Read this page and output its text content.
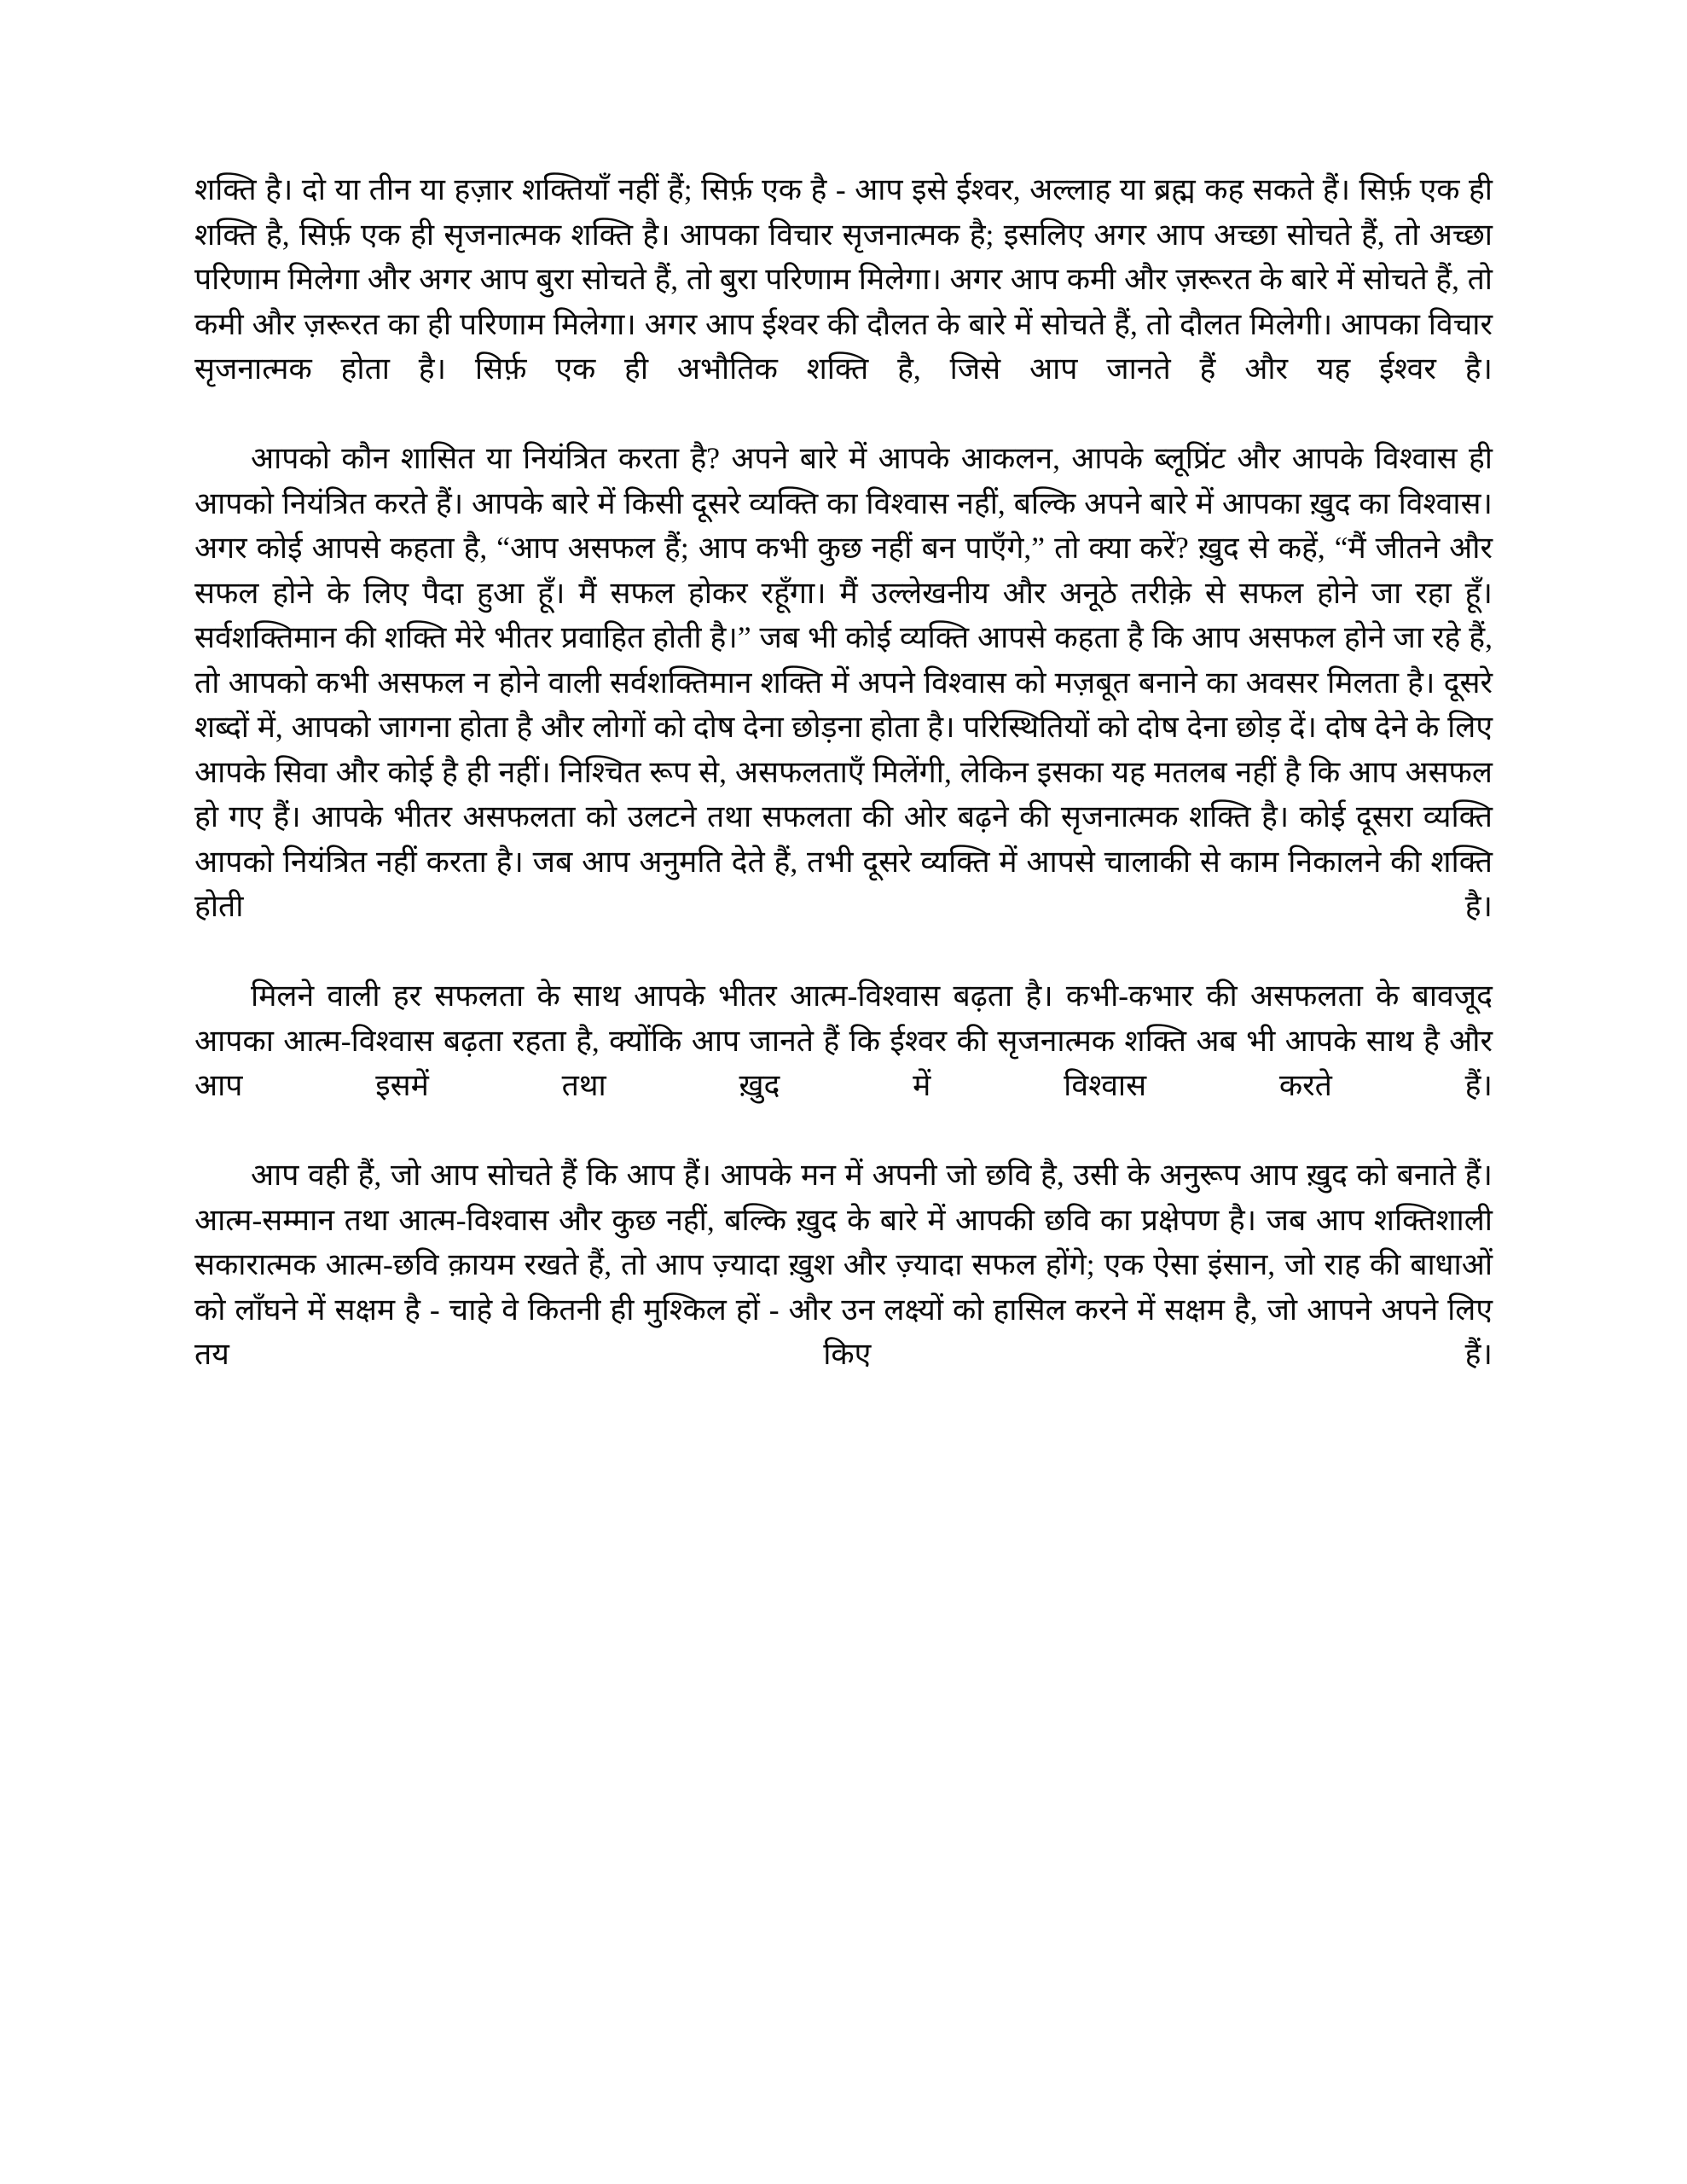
शक्ति है। दो या तीन या हज़ार शक्तियाँ नहीं हैं; सिर्फ़ एक है - आप इसे ईश्वर, अल्लाह या ब्रह्म कह सकते हैं। सिर्फ़ एक ही शक्ति है, सिर्फ़ एक ही सृजनात्मक शक्ति है। आपका विचार सृजनात्मक है; इसलिए अगर आप अच्छा सोचते हैं, तो अच्छा परिणाम मिलेगा और अगर आप बुरा सोचते हैं, तो बुरा परिणाम मिलेगा। अगर आप कमी और ज़रूरत के बारे में सोचते हैं, तो कमी और ज़रूरत का ही परिणाम मिलेगा। अगर आप ईश्वर की दौलत के बारे में सोचते हैं, तो दौलत मिलेगी। आपका विचार सृजनात्मक होता है। सिर्फ़ एक ही अभौतिक शक्ति है, जिसे आप जानते हैं और यह ईश्वर है।

आपको कौन शासित या नियंत्रित करता है? अपने बारे में आपके आकलन, आपके ब्लूप्रिंट और आपके विश्वास ही आपको नियंत्रित करते हैं। आपके बारे में किसी दूसरे व्यक्ति का विश्वास नहीं, बल्कि अपने बारे में आपका ख़ुद का विश्वास। अगर कोई आपसे कहता है, “आप असफल हैं; आप कभी कुछ नहीं बन पाएँगे,” तो क्या करें? ख़ुद से कहें, “मैं जीतने और सफल होने के लिए पैदा हुआ हूँ। मैं सफल होकर रहूँगा। मैं उल्लेखनीय और अनूठे तरीक़े से सफल होने जा रहा हूँ। सर्वशक्तिमान की शक्ति मेरे भीतर प्रवाहित होती है।” जब भी कोई व्यक्ति आपसे कहता है कि आप असफल होने जा रहे हैं, तो आपको कभी असफल न होने वाली सर्वशक्तिमान शक्ति में अपने विश्वास को मज़बूत बनाने का अवसर मिलता है। दूसरे शब्दों में, आपको जागना होता है और लोगों को दोष देना छोड़ना होता है। परिस्थितियों को दोष देना छोड़ दें। दोष देने के लिए आपके सिवा और कोई है ही नहीं। निश्चित रूप से, असफलताएँ मिलेंगी, लेकिन इसका यह मतलब नहीं है कि आप असफल हो गए हैं। आपके भीतर असफलता को उलटने तथा सफलता की ओर बढ़ने की सृजनात्मक शक्ति है। कोई दूसरा व्यक्ति आपको नियंत्रित नहीं करता है। जब आप अनुमति देते हैं, तभी दूसरे व्यक्ति में आपसे चालाकी से काम निकालने की शक्ति होती है।

मिलने वाली हर सफलता के साथ आपके भीतर आत्म-विश्वास बढ़ता है। कभी-कभार की असफलता के बावजूद आपका आत्म-विश्वास बढ़ता रहता है, क्योंकि आप जानते हैं कि ईश्वर की सृजनात्मक शक्ति अब भी आपके साथ है और आप इसमें तथा ख़ुद में विश्वास करते हैं।

आप वही हैं, जो आप सोचते हैं कि आप हैं। आपके मन में अपनी जो छवि है, उसी के अनुरूप आप ख़ुद को बनाते हैं। आत्म-सम्मान तथा आत्म-विश्वास और कुछ नहीं, बल्कि ख़ुद के बारे में आपकी छवि का प्रक्षेपण है। जब आप शक्तिशाली सकारात्मक आत्म-छवि क़ायम रखते हैं, तो आप ज़्यादा ख़ुश और ज़्यादा सफल होंगे; एक ऐसा इंसान, जो राह की बाधाओं को लाँघने में सक्षम है - चाहे वे कितनी ही मुश्किल हों - और उन लक्ष्यों को हासिल करने में सक्षम है, जो आपने अपने लिए तय किए हैं।
